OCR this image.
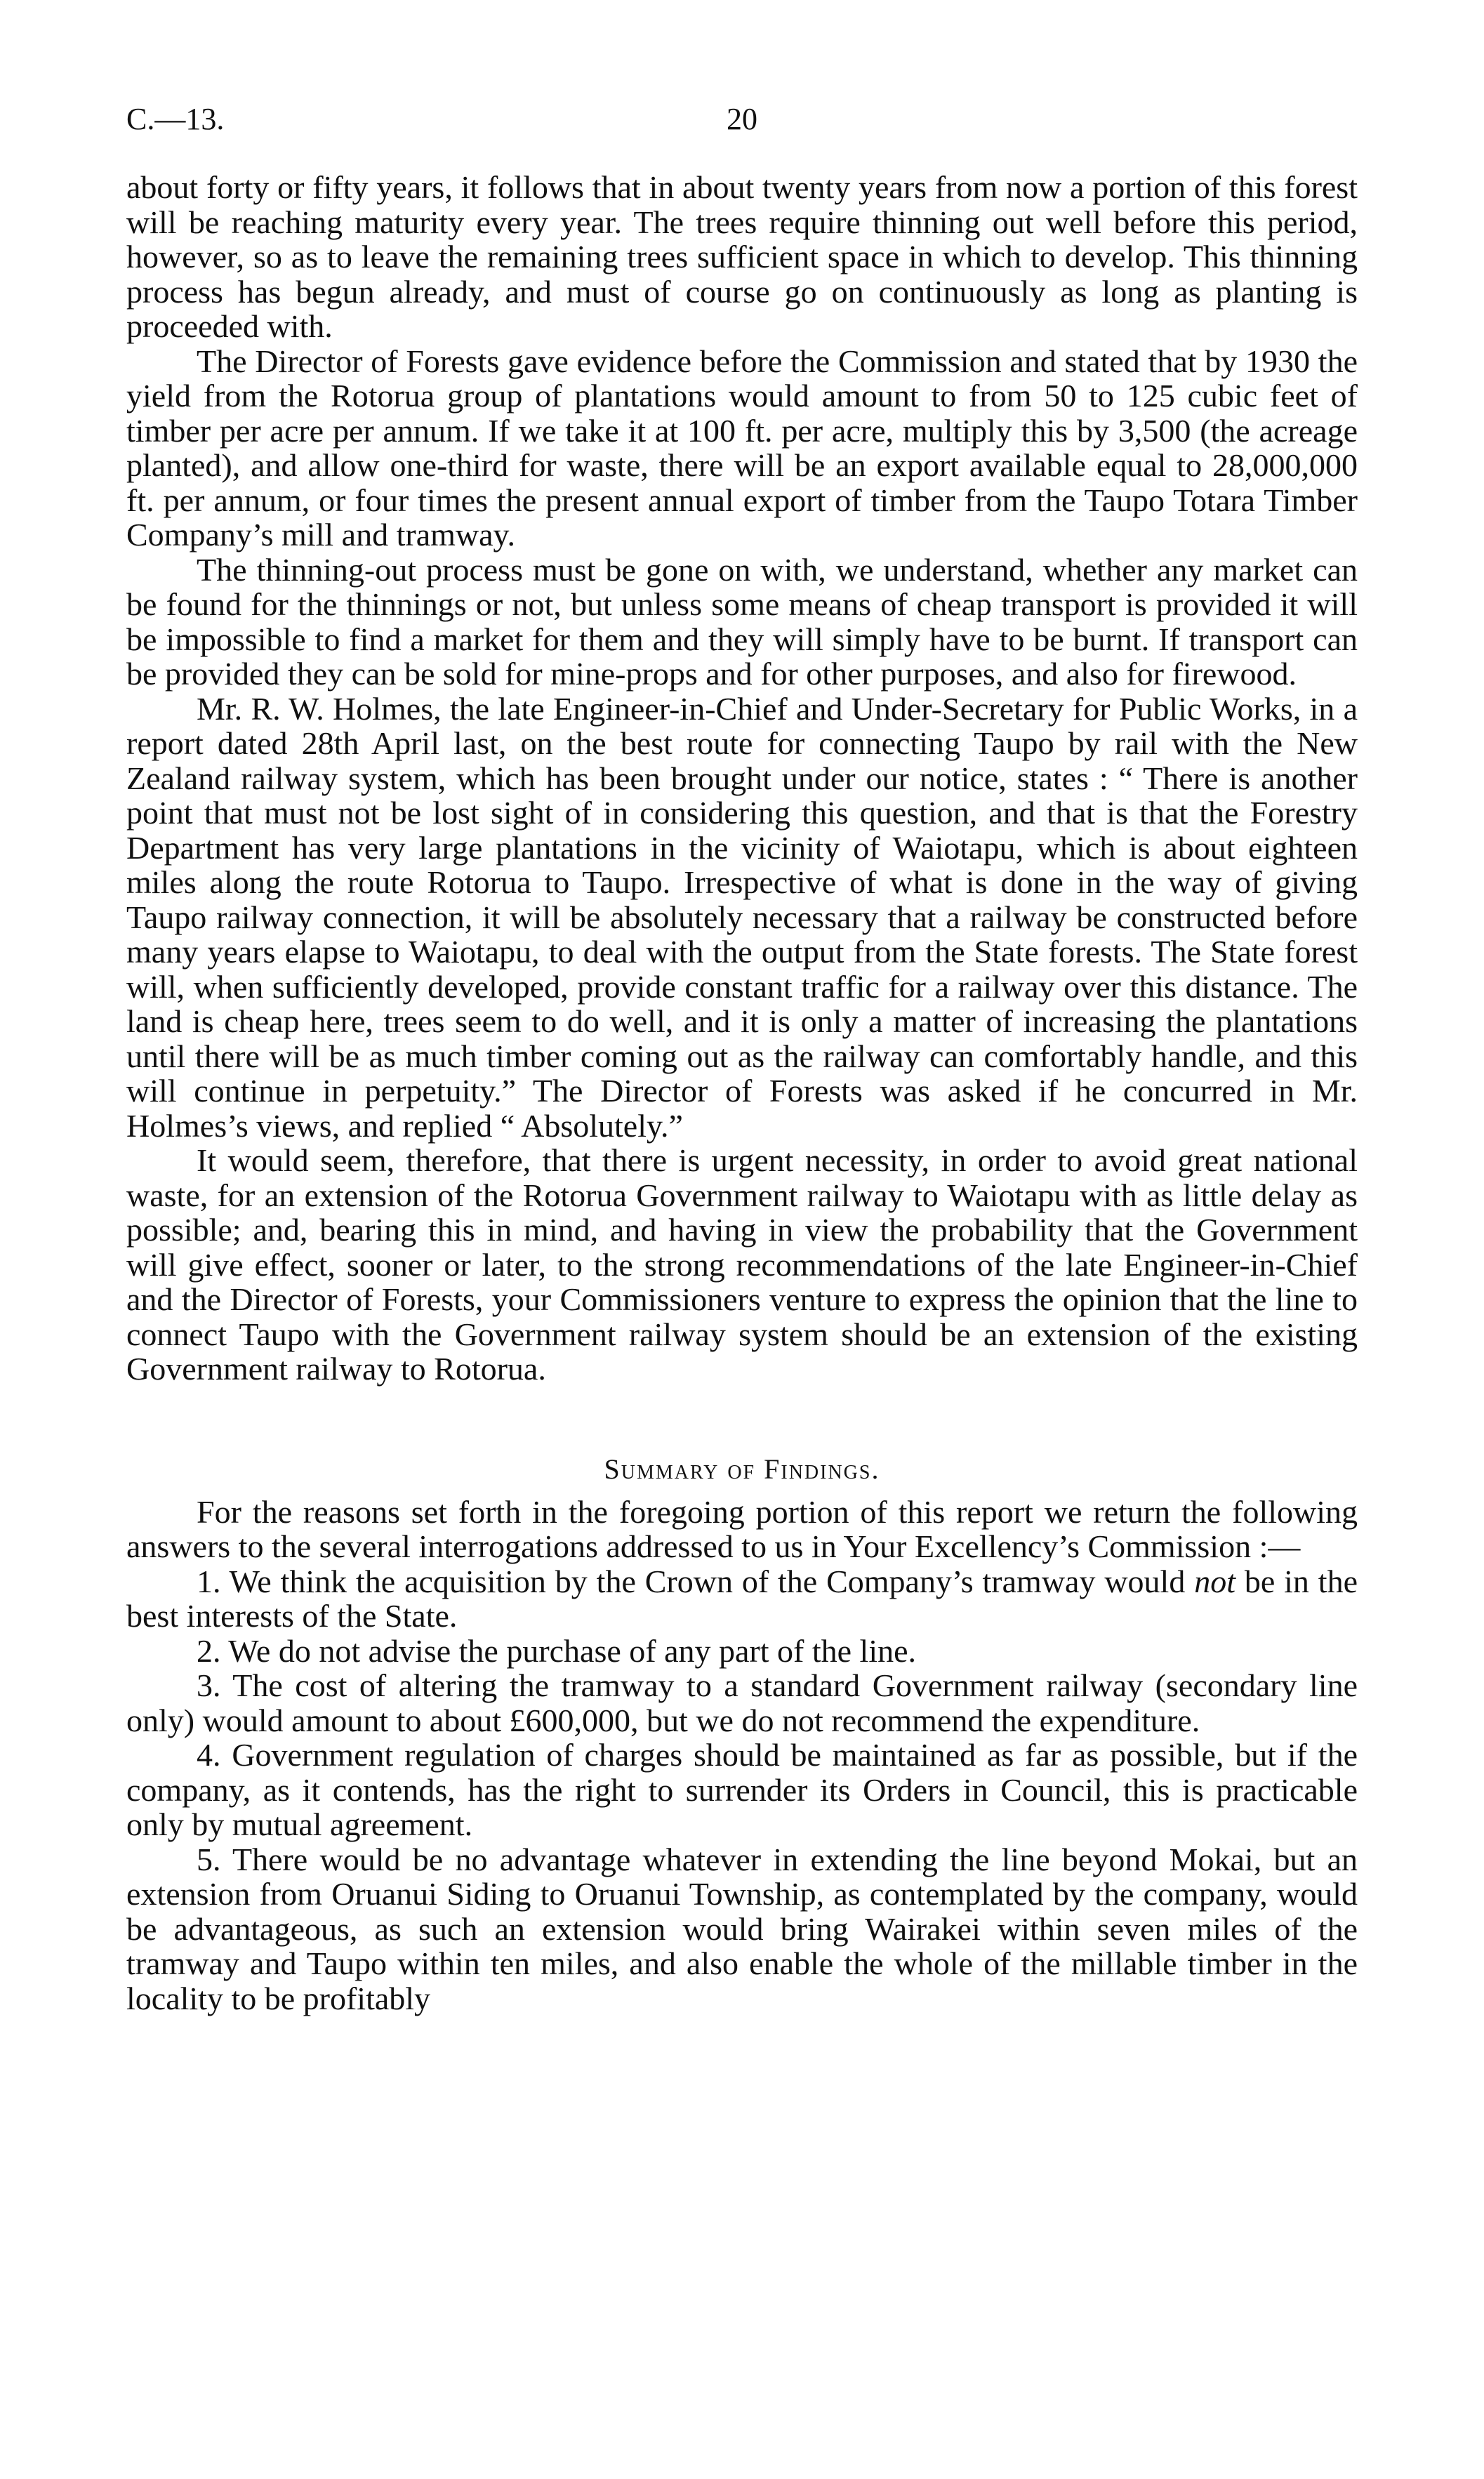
C.—13.	20

about forty or fifty years, it follows that in about twenty years from now a portion of this forest will be reaching maturity every year. The trees require thinning out well before this period, however, so as to leave the remaining trees sufficient space in which to develop. This thinning process has begun already, and must of course go on continuously as long as planting is proceeded with.

The Director of Forests gave evidence before the Commission and stated that by 1930 the yield from the Rotorua group of plantations would amount to from 50 to 125 cubic feet of timber per acre per annum. If we take it at 100 ft. per acre, multiply this by 3,500 (the acreage planted), and allow one-third for waste, there will be an export available equal to 28,000,000 ft. per annum, or four times the present annual export of timber from the Taupo Totara Timber Company’s mill and tramway.

The thinning-out process must be gone on with, we understand, whether any market can be found for the thinnings or not, but unless some means of cheap transport is provided it will be impossible to find a market for them and they will simply have to be burnt. If transport can be provided they can be sold for mine-props and for other purposes, and also for firewood.

Mr. R. W. Holmes, the late Engineer-in-Chief and Under-Secretary for Public Works, in a report dated 28th April last, on the best route for connecting Taupo by rail with the New Zealand railway system, which has been brought under our notice, states : “ There is another point that must not be lost sight of in considering this question, and that is that the Forestry Department has very large plantations in the vicinity of Waiotapu, which is about eighteen miles along the route Rotorua to Taupo. Irrespective of what is done in the way of giving Taupo railway connection, it will be absolutely necessary that a railway be constructed before many years elapse to Waiotapu, to deal with the output from the State forests. The State forest will, when sufficiently developed, provide constant traffic for a railway over this distance. The land is cheap here, trees seem to do well, and it is only a matter of increasing the plantations until there will be as much timber coming out as the railway can comfortably handle, and this will continue in perpetuity.” The Director of Forests was asked if he concurred in Mr. Holmes’s views, and replied “ Absolutely.”

It would seem, therefore, that there is urgent necessity, in order to avoid great national waste, for an extension of the Rotorua Government railway to Waiotapu with as little delay as possible; and, bearing this in mind, and having in view the probability that the Government will give effect, sooner or later, to the strong recommendations of the late Engineer-in-Chief and the Director of Forests, your Commissioners venture to express the opinion that the line to connect Taupo with the Government railway system should be an extension of the existing Government railway to Rotorua.

Summary of Findings.

For the reasons set forth in the foregoing portion of this report we return the following answers to the several interrogations addressed to us in Your Excellency’s Commission :—

1. We think the acquisition by the Crown of the Company’s tramway would not be in the best interests of the State.

2. We do not advise the purchase of any part of the line.

3. The cost of altering the tramway to a standard Government railway (secondary line only) would amount to about £600,000, but we do not recommend the expenditure.

4. Government regulation of charges should be maintained as far as possible, but if the company, as it contends, has the right to surrender its Orders in Council, this is practicable only by mutual agreement.

5. There would be no advantage whatever in extending the line beyond Mokai, but an extension from Oruanui Siding to Oruanui Township, as contemplated by the company, would be advantageous, as such an extension would bring Wairakei within seven miles of the tramway and Taupo within ten miles, and also enable the whole of the millable timber in the locality to be profitably
